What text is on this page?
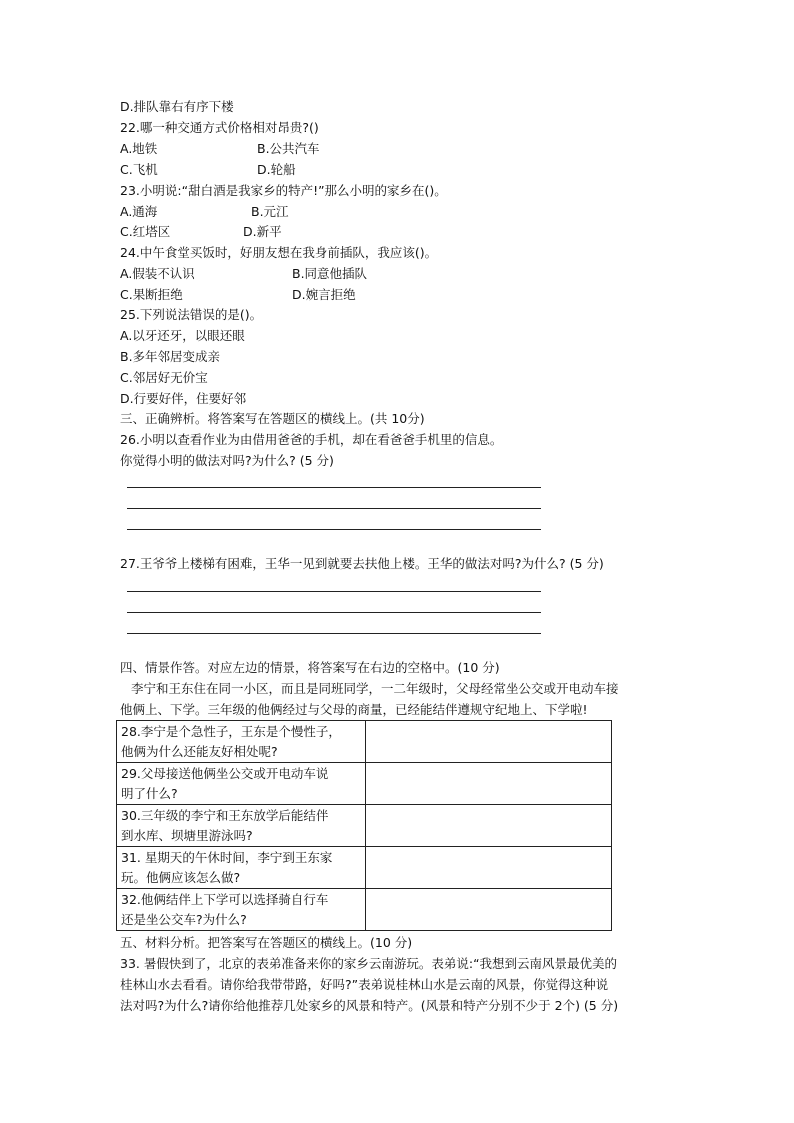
D.排队靠右有序下楼
22.哪一种交通方式价格相对昂贵?()
A.地铁	B.公共汽车
C.飞机	D.轮船
23.小明说:“甜白酒是我家乡的特产!”那么小明的家乡在()。
A.通海	B.元江
C.红塔区	D.新平
24.中午食堂买饭时，好朋友想在我身前插队，我应该()。
A.假装不认识	B.同意他插队
C.果断拒绝	D.婉言拒绝
25.下列说法错误的是()。
A.以牙还牙，以眼还眼
B.多年邻居变成亲
C.邻居好无价宝
D.行要好伴，住要好邻
三、正确辨析。将答案写在答题区的横线上。(共 10分)
26.小明以查看作业为由借用爸爸的手机，却在看爸爸手机里的信息。
你觉得小明的做法对吗?为什么? (5 分)
27.王爷爷上楼梯有困难，王华一见到就要去扶他上楼。王华的做法对吗?为什么? (5 分)
四、情景作答。对应左边的情景，将答案写在右边的空格中。(10 分)
李宁和王东住在同一小区，而且是同班同学，一二年级时，父母经常坐公交或开电动车接
他俩上、下学。三年级的他俩经过与父母的商量，已经能结伴遵规守纪地上、下学啦!
28.李宁是个急性子，王东是个慢性子，
他俩为什么还能友好相处呢?	
29.父母接送他俩坐公交或开电动车说
明了什么?	
30.三年级的李宁和王东放学后能结伴
到水库、坝塘里游泳吗?	
31. 星期天的午休时间，李宁到王东家
玩。他俩应该怎么做?	
32.他俩结伴上下学可以选择骑自行车
还是坐公交车?为什么?	
五、材料分析。把答案写在答题区的横线上。(10 分)
33. 暑假快到了，北京的表弟准备来你的家乡云南游玩。表弟说:“我想到云南风景最优美的
桂林山水去看看。请你给我带带路，好吗?”表弟说桂林山水是云南的风景，你觉得这种说
法对吗?为什么?请你给他推荐几处家乡的风景和特产。(风景和特产分别不少于 2个) (5 分)
